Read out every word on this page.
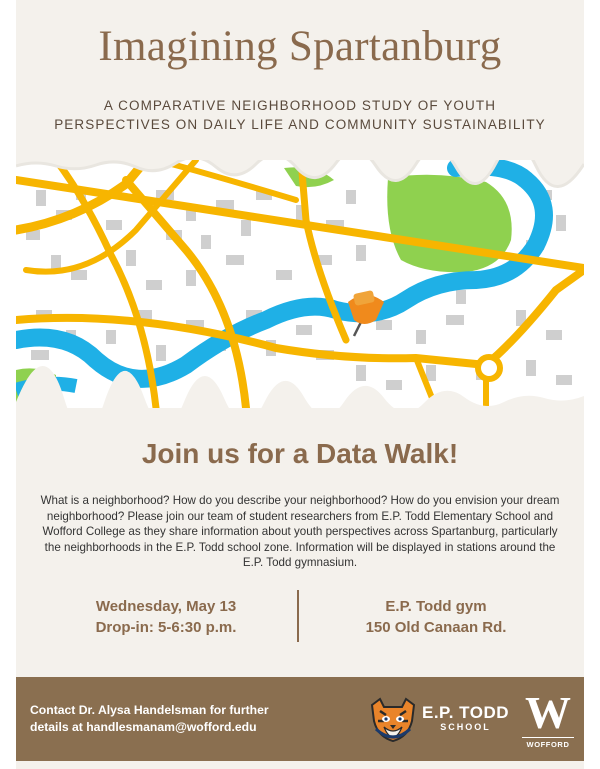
Imagining Spartanburg
A COMPARATIVE NEIGHBORHOOD STUDY OF YOUTH
PERSPECTIVES ON DAILY LIFE AND COMMUNITY SUSTAINABILITY
Join us for a Data Walk!
What is a neighborhood? How do you describe your neighborhood? How do you envision your dream neighborhood? Please join our team of student researchers from E.P. Todd Elementary School and Wofford College as they share information about youth perspectives across Spartanburg, particularly the neighborhoods in the E.P. Todd school zone. Information will be displayed in stations around the E.P. Todd gymnasium.
Wednesday, May 13
Drop-in: 5-6:30 p.m.
E.P. Todd gym
150 Old Canaan Rd.
Contact Dr. Alysa Handelsman for further
details at handlesmanam@wofford.edu
E.P. TODD
SCHOOL W
WOFFORD
